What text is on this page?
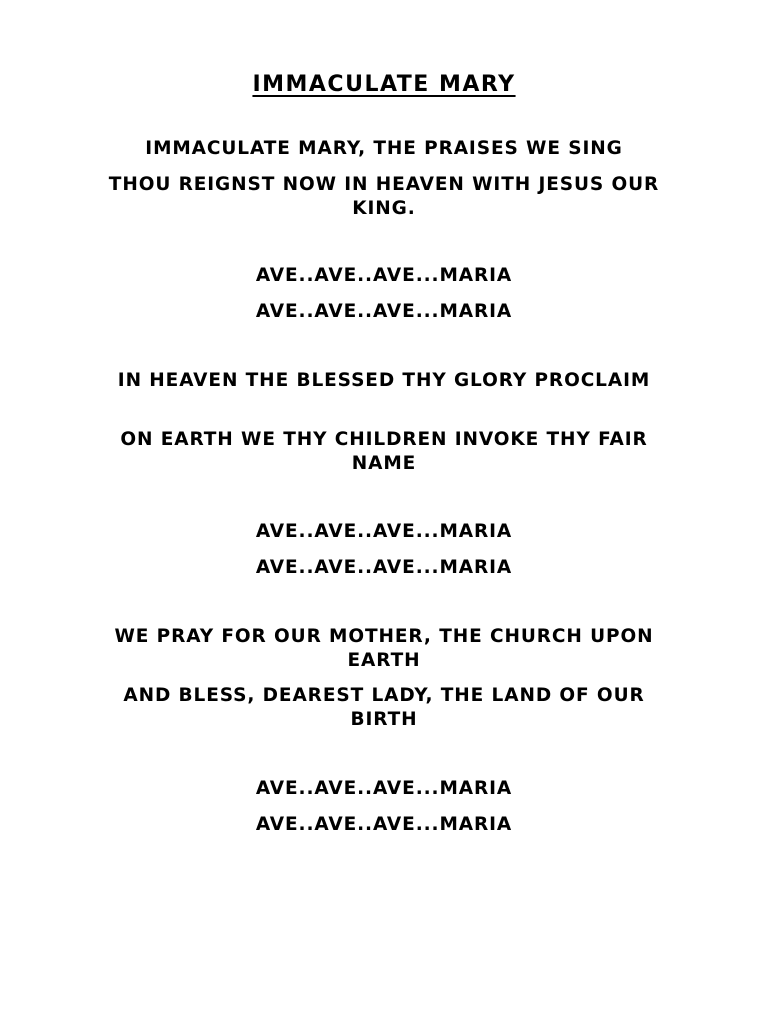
IMMACULATE MARY

IMMACULATE MARY, THE PRAISES WE SING

THOU REIGNST NOW IN HEAVEN WITH JESUS OUR KING.

AVE..AVE..AVE...MARIA

AVE..AVE..AVE...MARIA

IN HEAVEN THE BLESSED THY GLORY PROCLAIM

ON EARTH WE THY CHILDREN INVOKE THY FAIR NAME

AVE..AVE..AVE...MARIA

AVE..AVE..AVE...MARIA

WE PRAY FOR OUR MOTHER, THE CHURCH UPON EARTH

AND BLESS, DEAREST LADY, THE LAND OF OUR BIRTH

AVE..AVE..AVE...MARIA

AVE..AVE..AVE...MARIA
